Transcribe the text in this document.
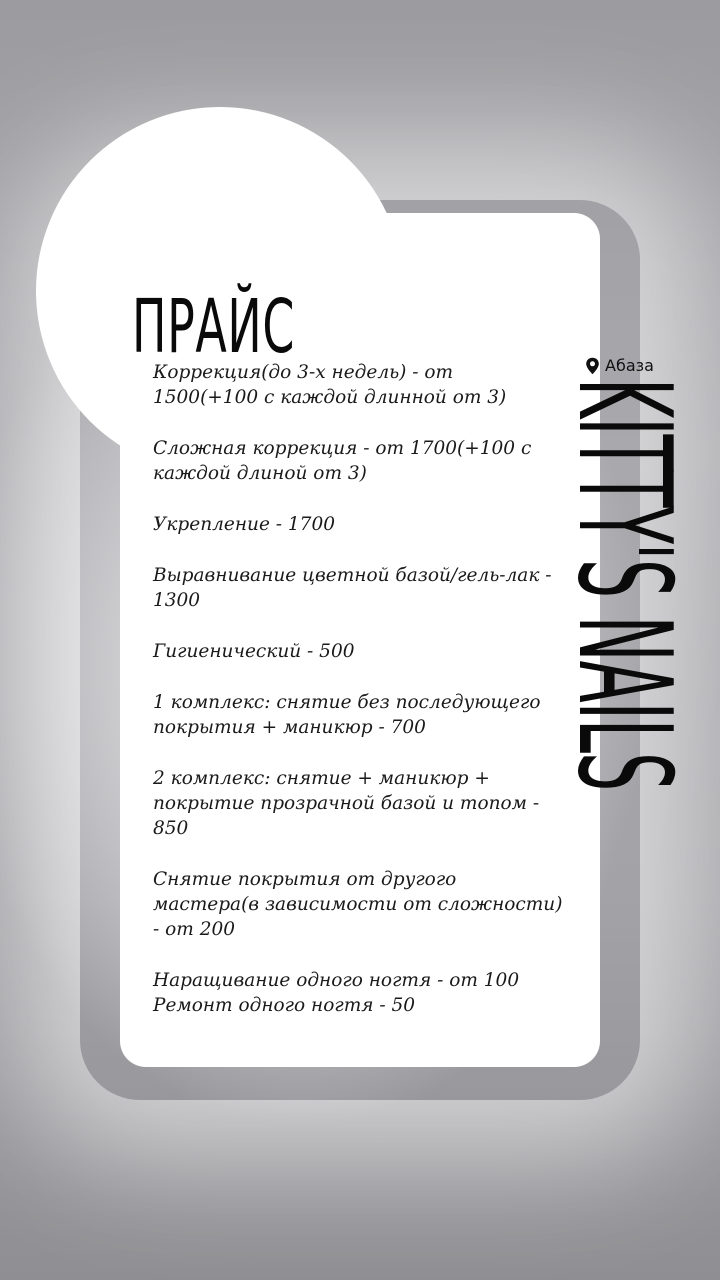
ПРАЙС	Абаза
KITTY'S NAILS
Коррекция(до 3-х недель) - от
1500(+100 с каждой длинной от 3)
Сложная коррекция - от 1700(+100 с
каждой длиной от 3)
Укрепление - 1700
Выравнивание цветной базой/гель-лак -
1300
Гигиенический - 500
1 комплекс: снятие без последующего
покрытия + маникюр - 700
2 комплекс: снятие + маникюр +
покрытие прозрачной базой и топом -
850
Снятие покрытия от другого
мастера(в зависимости от сложности)
- от 200
Наращивание одного ногтя - от 100
Ремонт одного ногтя - 50
